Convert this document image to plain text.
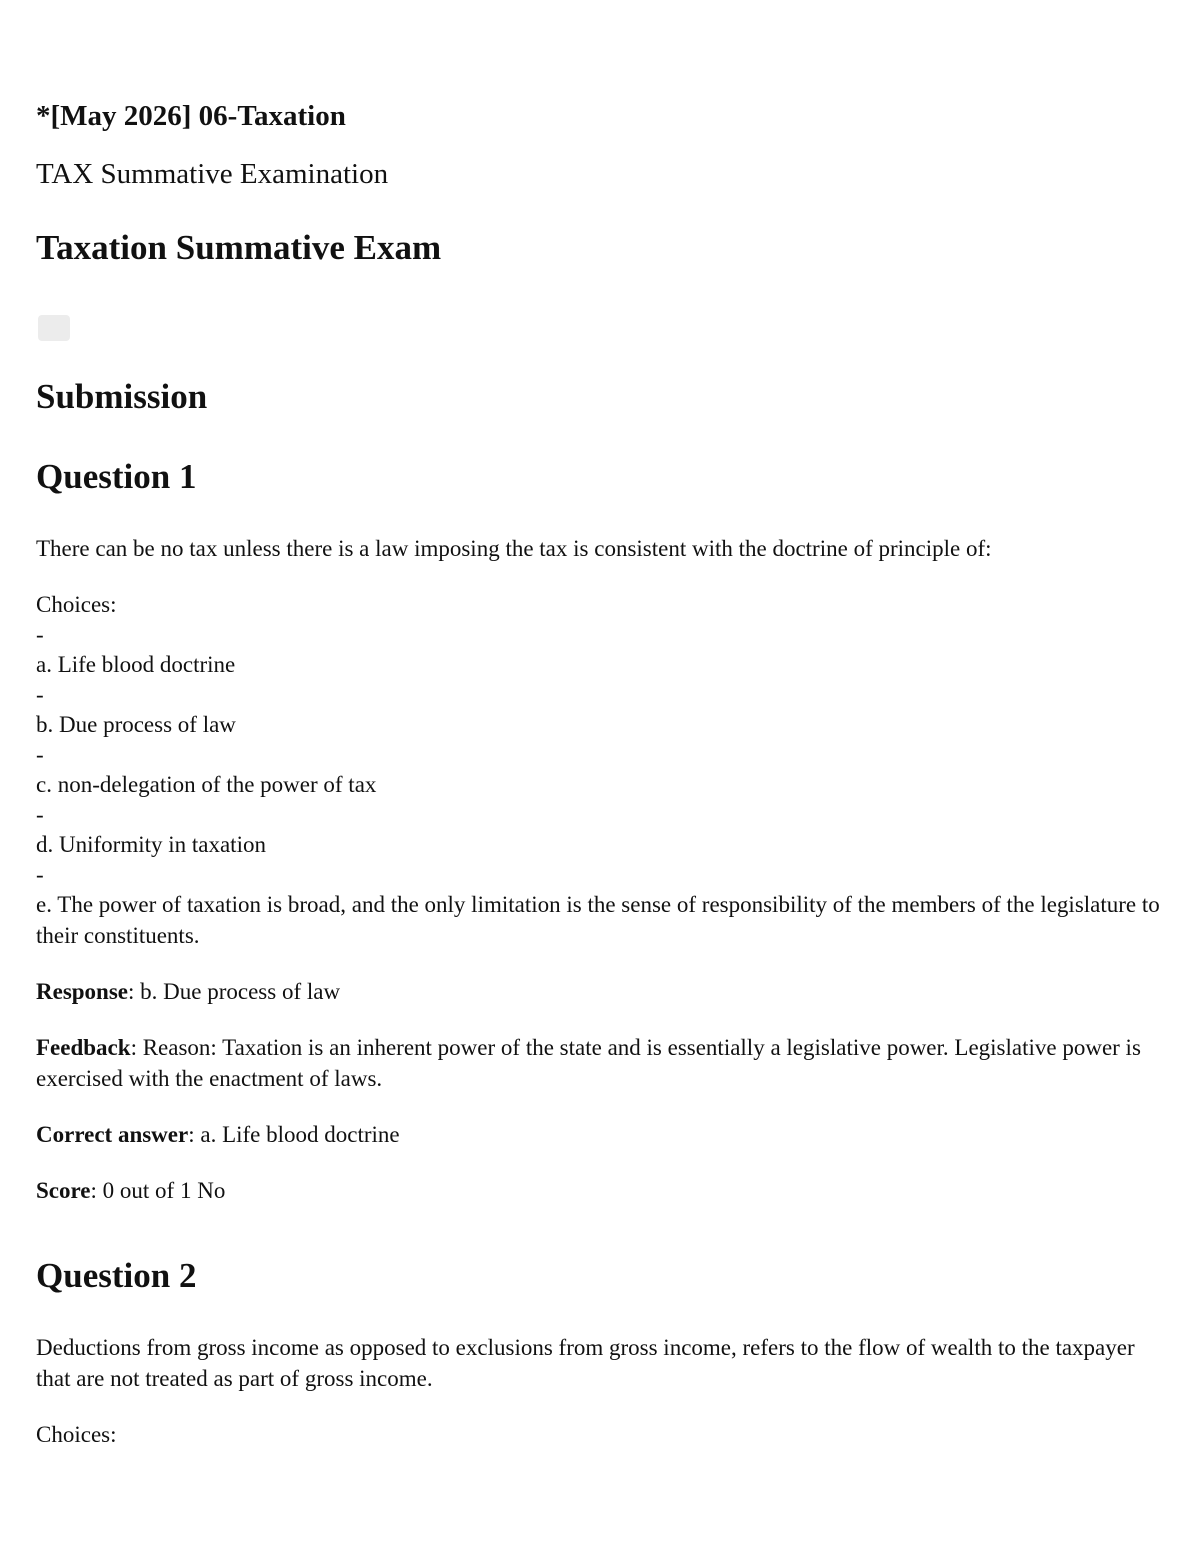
*[May 2026] 06-Taxation
TAX Summative Examination
Taxation Summative Exam
Submission
Question 1
There can be no tax unless there is a law imposing the tax is consistent with the doctrine of principle of:
Choices:
-
a. Life blood doctrine
-
b. Due process of law
-
c. non-delegation of the power of tax
-
d. Uniformity in taxation
-
e. The power of taxation is broad, and the only limitation is the sense of responsibility of the members of the legislature to their constituents.
Response: b. Due process of law
Feedback: Reason: Taxation is an inherent power of the state and is essentially a legislative power. Legislative power is exercised with the enactment of laws.
Correct answer: a. Life blood doctrine
Score: 0 out of 1 No
Question 2
Deductions from gross income as opposed to exclusions from gross income, refers to the flow of wealth to the taxpayer that are not treated as part of gross income.
Choices:
